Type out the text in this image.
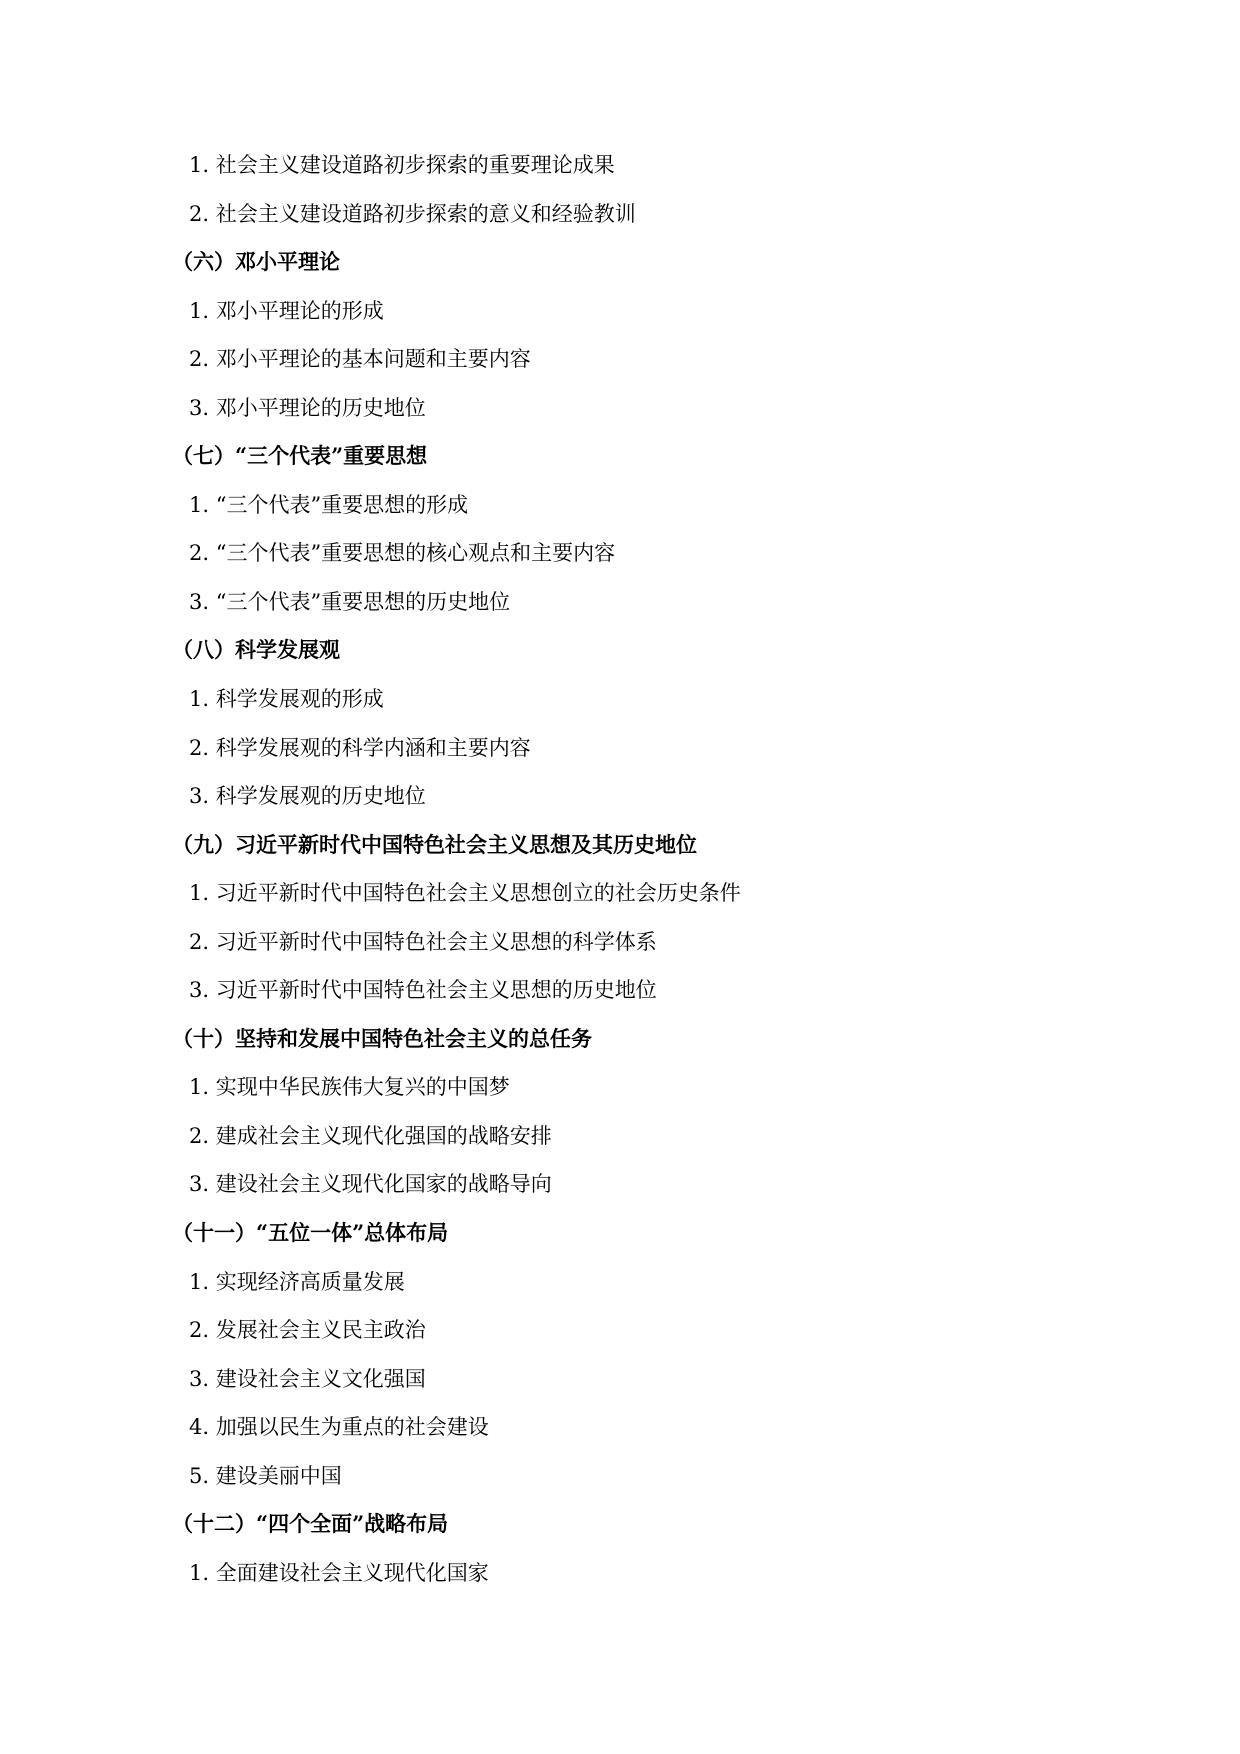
1. 社会主义建设道路初步探索的重要理论成果
2. 社会主义建设道路初步探索的意义和经验教训
（六）邓小平理论
1. 邓小平理论的形成
2. 邓小平理论的基本问题和主要内容
3. 邓小平理论的历史地位
（七）“三个代表”重要思想
1. “三个代表”重要思想的形成
2. “三个代表”重要思想的核心观点和主要内容
3. “三个代表”重要思想的历史地位
（八）科学发展观
1. 科学发展观的形成
2. 科学发展观的科学内涵和主要内容
3. 科学发展观的历史地位
（九）习近平新时代中国特色社会主义思想及其历史地位
1. 习近平新时代中国特色社会主义思想创立的社会历史条件
2. 习近平新时代中国特色社会主义思想的科学体系
3. 习近平新时代中国特色社会主义思想的历史地位
（十）坚持和发展中国特色社会主义的总任务
1. 实现中华民族伟大复兴的中国梦
2. 建成社会主义现代化强国的战略安排
3. 建设社会主义现代化国家的战略导向
（十一）“五位一体”总体布局
1. 实现经济高质量发展
2. 发展社会主义民主政治
3. 建设社会主义文化强国
4. 加强以民生为重点的社会建设
5. 建设美丽中国
（十二）“四个全面”战略布局
1. 全面建设社会主义现代化国家
